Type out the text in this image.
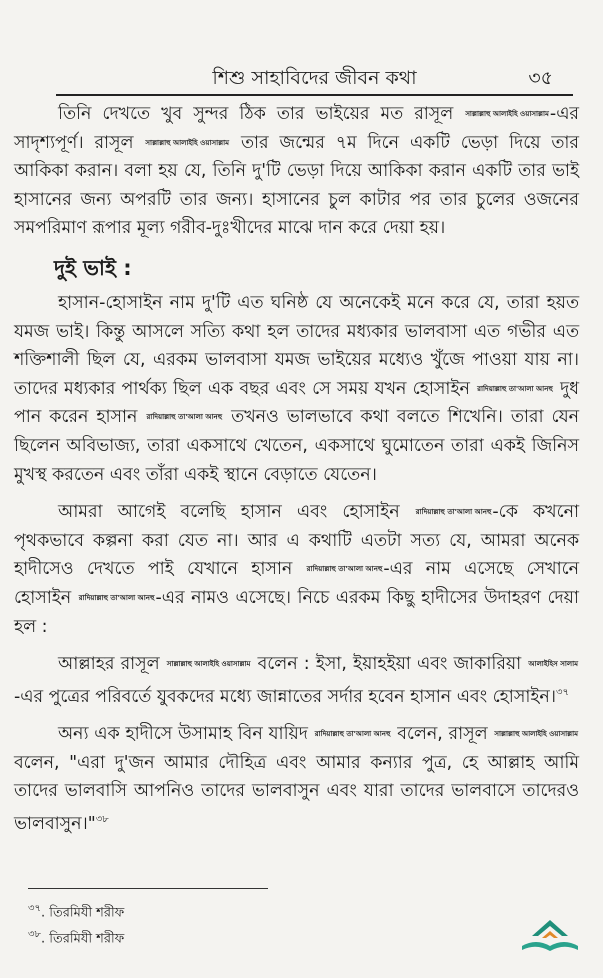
শিশু সাহাবিদের জীবন কথা	৩৫

তিনি দেখতে খুব সুন্দর ঠিক তার ভাইয়ের মত রাসূল সাল্লাল্লাহু আলাইহি ওয়াসাল্লাম-এর সাদৃশ্যপূর্ণ। রাসূল সাল্লাল্লাহু আলাইহি ওয়াসাল্লাম তার জন্মের ৭ম দিনে একটি ভেড়া দিয়ে তার আকিকা করান। বলা হয় যে, তিনি দু'টি ভেড়া দিয়ে আকিকা করান একটি তার ভাই হাসানের জন্য অপরটি তার জন্য। হাসানের চুল কাটার পর তার চুলের ওজনের সমপরিমাণ রূপার মূল্য গরীব-দুঃখীদের মাঝে দান করে দেয়া হয়।

দুই ভাই :

হাসান-হোসাইন নাম দু'টি এত ঘনিষ্ঠ যে অনেকেই মনে করে যে, তারা হয়ত যমজ ভাই। কিন্তু আসলে সত্যি কথা হল তাদের মধ্যকার ভালবাসা এত গভীর এত শক্তিশালী ছিল যে, এরকম ভালবাসা যমজ ভাইয়ের মধ্যেও খুঁজে পাওয়া যায় না। তাদের মধ্যকার পার্থক্য ছিল এক বছর এবং সে সময় যখন হোসাইন রাদিয়াল্লাহু তা'আলা আনহু দুধ পান করেন হাসান রাদিয়াল্লাহু তা'আলা আনহু তখনও ভালভাবে কথা বলতে শিখেনি। তারা যেন ছিলেন অবিভাজ্য, তারা একসাথে খেতেন, একসাথে ঘুমোতেন তারা একই জিনিস মুখস্থ করতেন এবং তাঁরা একই স্থানে বেড়াতে যেতেন।

আমরা আগেই বলেছি হাসান এবং হোসাইন রাদিয়াল্লাহু তা'আলা আনহু-কে কখনো পৃথকভাবে কল্পনা করা যেত না। আর এ কথাটি এতটা সত্য যে, আমরা অনেক হাদীসেও দেখতে পাই যেখানে হাসান রাদিয়াল্লাহু তা'আলা আনহু-এর নাম এসেছে সেখানে হোসাইন রাদিয়াল্লাহু তা'আলা আনহু-এর নামও এসেছে। নিচে এরকম কিছু হাদীসের উদাহরণ দেয়া হল :

আল্লাহর রাসূল সাল্লাল্লাহু আলাইহি ওয়াসাল্লাম বলেন : ইসা, ইয়াহইয়া এবং জাকারিয়া আলাইহিস সালাম-এর পুত্রের পরিবর্তে যুবকদের মধ্যে জান্নাতের সর্দার হবেন হাসান এবং হোসাইন।$^{৩৭}$

অন্য এক হাদীসে উসামাহ বিন যায়িদ রাদিয়াল্লাহু তা'আলা আনহু বলেন, রাসূল সাল্লাল্লাহু আলাইহি ওয়াসাল্লাম বলেন, "এরা দু'জন আমার দৌহিত্র এবং আমার কন্যার পুত্র, হে আল্লাহ আমি তাদের ভালবাসি আপনিও তাদের ভালবাসুন এবং যারা তাদের ভালবাসে তাদেরও ভালবাসুন।"$^{৩৮}$

$^{৩৭}$. তিরমিযী শরীফ
$^{৩৮}$. তিরমিযী শরীফ
